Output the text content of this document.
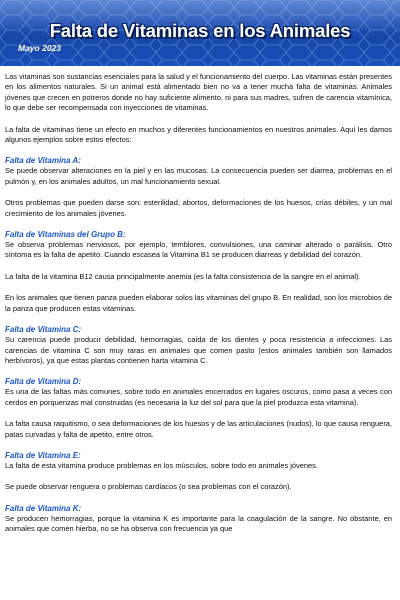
Falta de Vitaminas en los Animales
Mayo 2023

Las vitaminas son sustancias esenciales para la salud y el funcionamiento del cuerpo. Las vitaminas están presentes en los alimentos naturales. Si un animal está alimentado bien no va a tener mucha falta de vitaminas. Animales jóvenes que crecen en potreros donde no hay suficiente alimento, ni para sus madres, sufren de carencia vitamínica, lo que debe ser recompensada con inyecciones de vitaminas.

La falta de vitaminas tiene un efecto en muchos y diferentes funcionamientos en nuestros animales. Aquí les damos algunos ejemplos sobre estos efectos:

Falta de Vitamina A:

Se puede observar alteraciones en la piel y en las mucosas. La consecuencia pueden ser diarrea, problemas en el pulmón y, en los animales adultos, un mal funcionamiento sexual.

Otros problemas que pueden darse son: esterilidad, abortos, deformaciones de los huesos, crías débiles, y un mal crecimiento de los animales jóvenes.

Falta de Vitaminas del Grupo B:

Se observa problemas nerviosos, por ejemplo, temblores, convulsiones, una caminar alterado o parálisis. Otro síntoma es la falta de apetito. Cuando escasea la Vitamina B1 se producen diarreas y debilidad del corazón.

La falta de la vitamina B12 causa principalmente anemia (es la falta consistencia de la sangre en el animal).

En los animales que tienen panza pueden elaborar solos las vitaminas del grupo B. En realidad, son los microbios de la panza que producen estas vitaminas.

Falta de Vitamina C:

Su carencia puede producir debilidad, hemorragias, caída de los dientes y poca resistencia a infecciones. Las carencias de vitamina C son muy raras en animales que comen pasto (estos animales también son llamados herbívoros), ya que estas plantas contienen harta vitamina C.

Falta de Vitamina D:

Es una de las faltas más comunes, sobre todo en animales encerrados en lugares oscuros, como pasa a veces con cerdos en porquerizas mal construidas (es necesaria la luz del sol para que la piel produzca esta vitamina).

La falta causa raquitismo, o sea deformaciones de los huesos y de las articulaciones (nudos), lo que causa renguera, patas curvadas y falta de apetito, entre otros.

Falta de Vitamina E:

La falta de esta vitamina produce problemas en los músculos, sobre todo en animales jóvenes.

Se puede observar renguera o problemas cardíacos (o sea problemas con el corazón).

Falta de Vitamina K:

Se producen hemorragias, porque la vitamina K es importante para la coagulación de la sangre. No obstante, en animales que comen hierba, no se ha observa con frecuencia ya que
